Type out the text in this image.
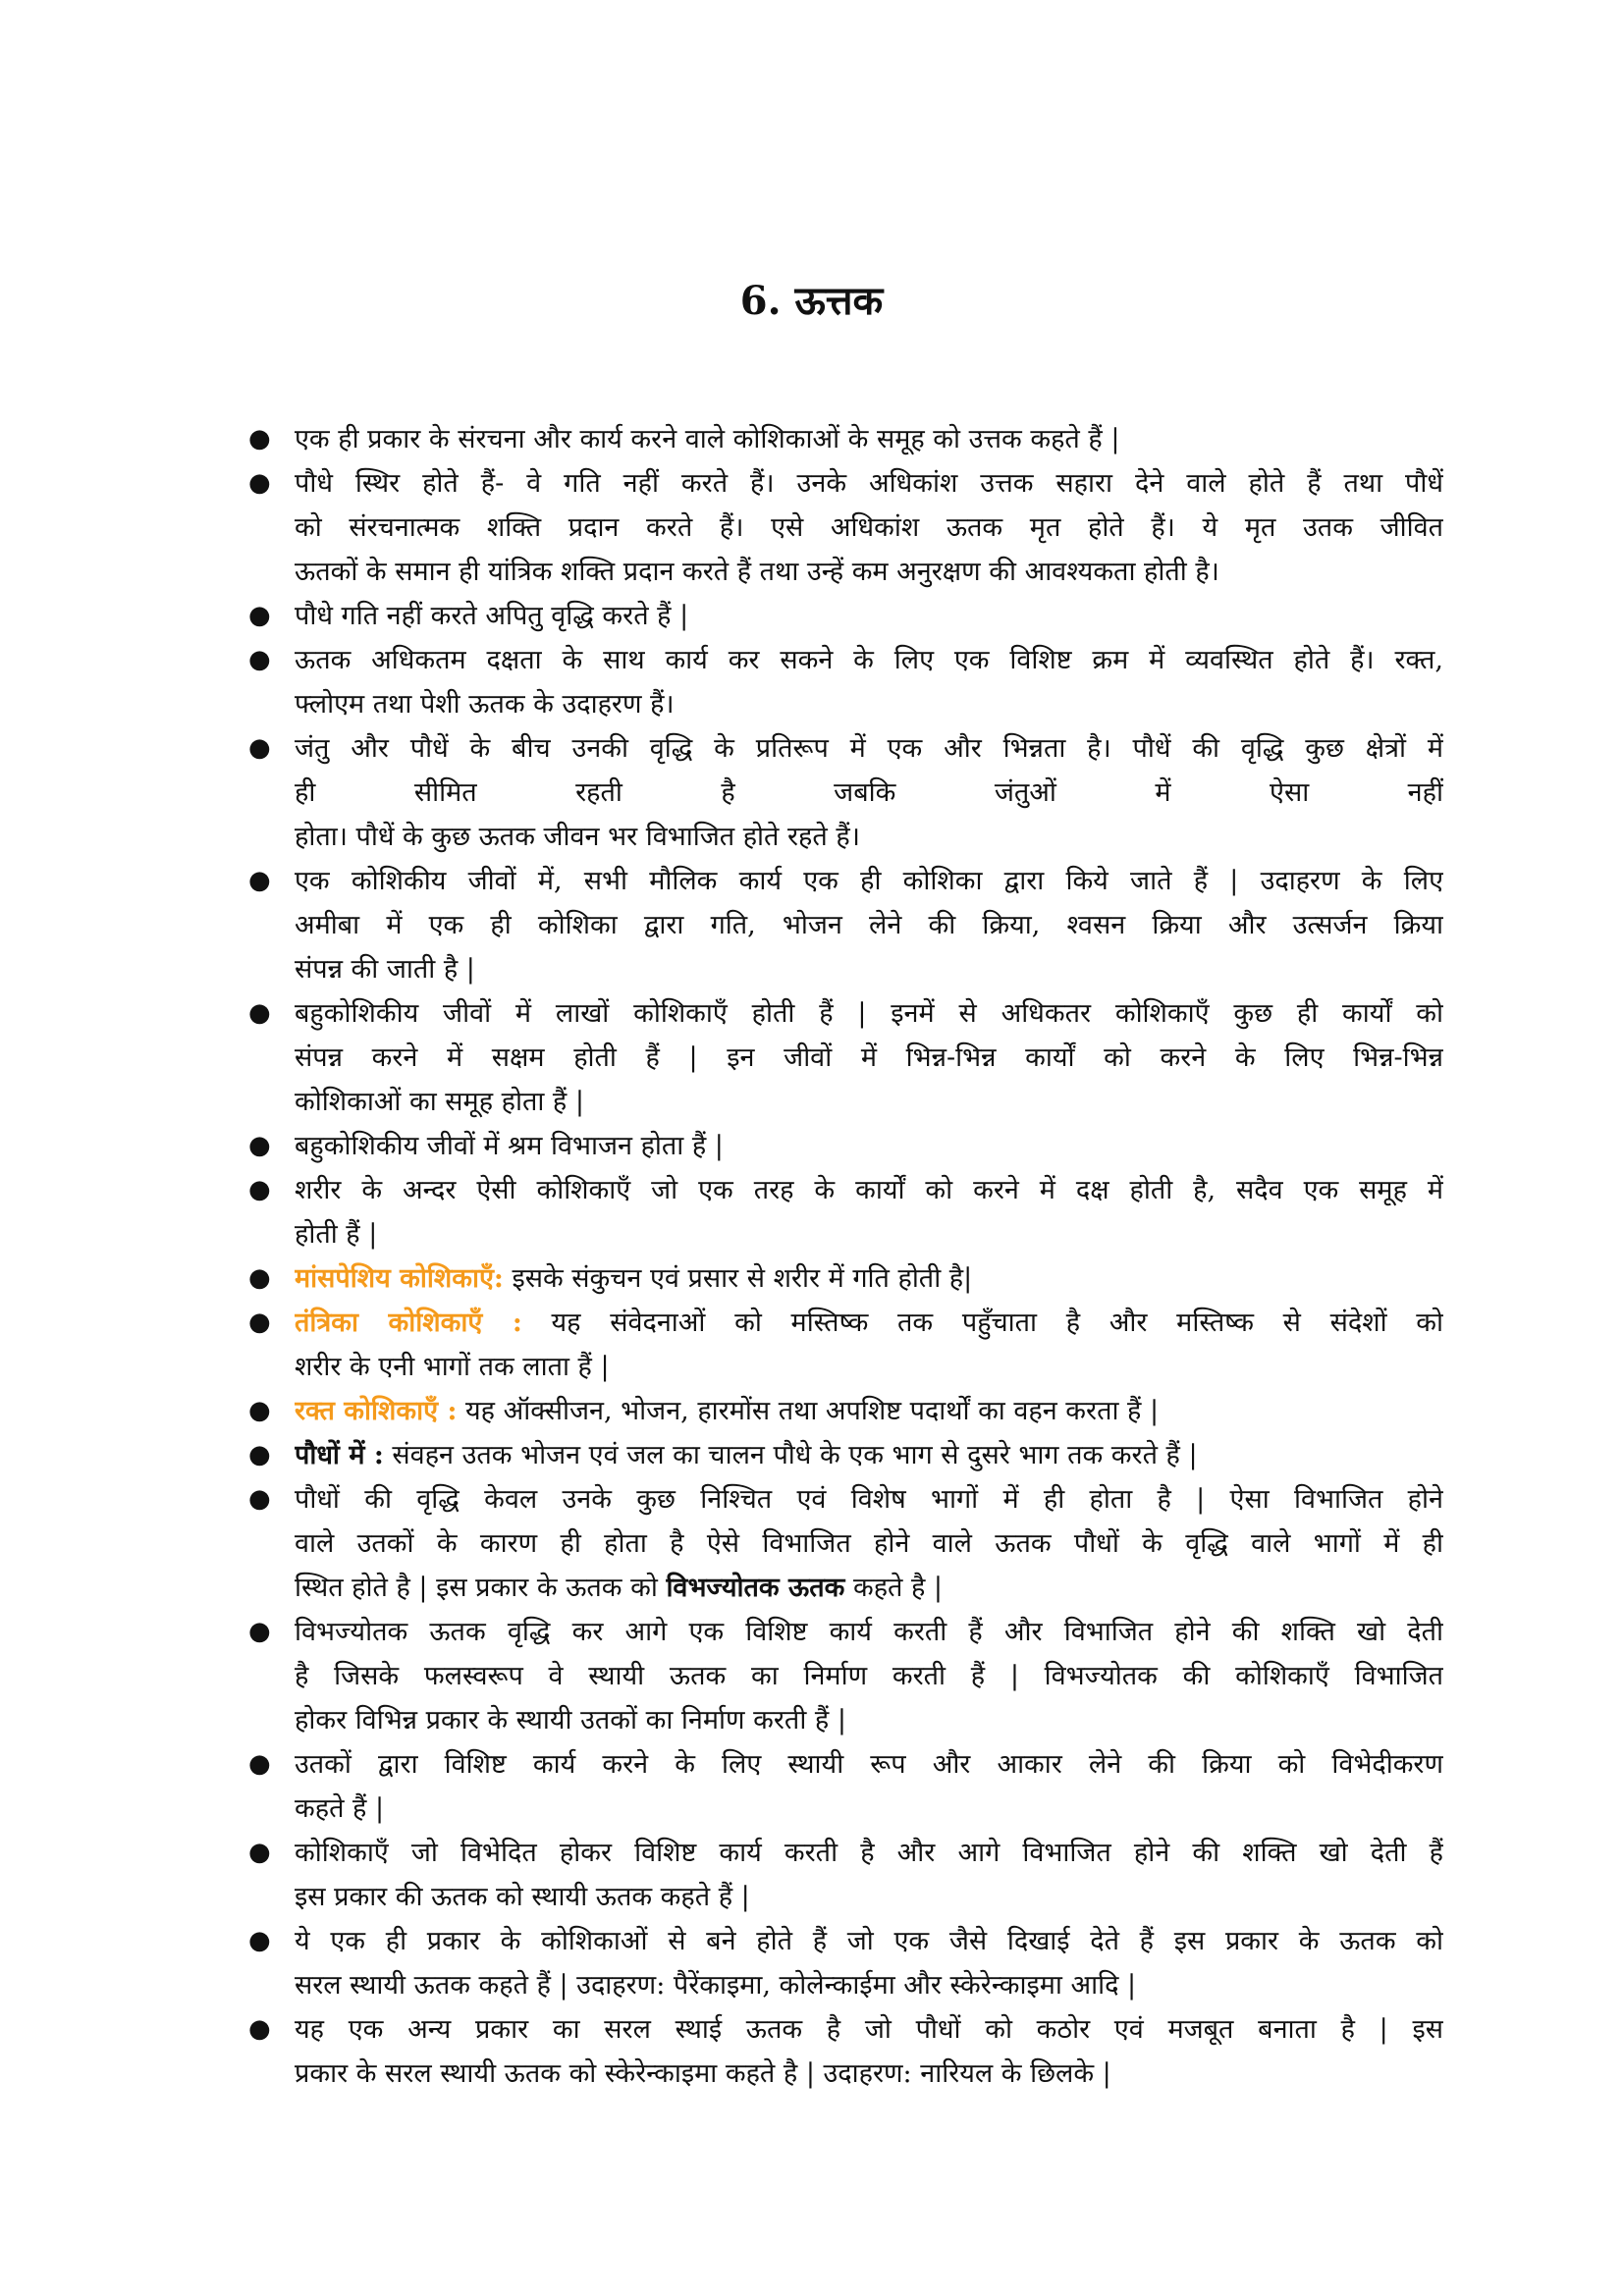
6. ऊत्तक
● एक ही प्रकार के संरचना और कार्य करने वाले कोशिकाओं के समूह को उत्तक कहते हैं |
● पौधे स्थिर होते हैं- वे गति नहीं करते हैं। उनके अधिकांश उत्तक सहारा देने वाले होते हैं तथा पौधें
को संरचनात्मक शक्ति प्रदान करते हैं। एसे अधिकांश ऊतक मृत होते हैं। ये मृत उतक जीवित
ऊतकों के समान ही यांत्रिक शक्ति प्रदान करते हैं तथा उन्हें कम अनुरक्षण की आवश्यकता होती है।
● पौधे गति नहीं करते अपितु वृद्धि करते हैं |
● ऊतक अधिकतम दक्षता के साथ कार्य कर सकने के लिए एक विशिष्ट क्रम में व्यवस्थित होते हैं। रक्त,
फ्लोएम तथा पेशी ऊतक के उदाहरण हैं।
● जंतु और पौधें के बीच उनकी वृद्धि के प्रतिरूप में एक और भिन्नता है। पौधें की वृद्धि कुछ क्षेत्रों में
ही सीमित रहती है जबकि जंतुओं में ऐसा नहीं
होता। पौधें के कुछ ऊतक जीवन भर विभाजित होते रहते हैं।
● एक कोशिकीय जीवों में, सभी मौलिक कार्य एक ही कोशिका द्वारा किये जाते हैं | उदाहरण के लिए
अमीबा में एक ही कोशिका द्वारा गति, भोजन लेने की क्रिया, श्वसन क्रिया और उत्सर्जन क्रिया
संपन्न की जाती है |
● बहुकोशिकीय जीवों में लाखों कोशिकाएँ होती हैं | इनमें से अधिकतर कोशिकाएँ कुछ ही कार्यों को
संपन्न करने में सक्षम होती हैं | इन जीवों में भिन्न-भिन्न कार्यों को करने के लिए भिन्न-भिन्न
कोशिकाओं का समूह होता हैं |
● बहुकोशिकीय जीवों में श्रम विभाजन होता हैं |
● शरीर के अन्दर ऐसी कोशिकाएँ जो एक तरह के कार्यों को करने में दक्ष होती है, सदैव एक समूह में
होती हैं |
● मांसपेशिय कोशिकाएँ: इसके संकुचन एवं प्रसार से शरीर में गति होती है|
● तंत्रिका कोशिकाएँ : यह संवेदनाओं को मस्तिष्क तक पहुँचाता है और मस्तिष्क से संदेशों को
शरीर के एनी भागों तक लाता हैं |
● रक्त कोशिकाएँ : यह ऑक्सीजन, भोजन, हारमोंस तथा अपशिष्ट पदार्थों का वहन करता हैं |
● पौधों में : संवहन उतक भोजन एवं जल का चालन पौधे के एक भाग से दुसरे भाग तक करते हैं |
● पौधों की वृद्धि केवल उनके कुछ निश्चित एवं विशेष भागों में ही होता है | ऐसा विभाजित होने
वाले उतकों के कारण ही होता है ऐसे विभाजित होने वाले ऊतक पौधों के वृद्धि वाले भागों में ही
स्थित होते है | इस प्रकार के ऊतक को विभज्योतक ऊतक कहते है |
● विभज्योतक ऊतक वृद्धि कर आगे एक विशिष्ट कार्य करती हैं और विभाजित होने की शक्ति खो देती
है जिसके फलस्वरूप वे स्थायी ऊतक का निर्माण करती हैं | विभज्योतक की कोशिकाएँ विभाजित
होकर विभिन्न प्रकार के स्थायी उतकों का निर्माण करती हैं |
● उतकों द्वारा विशिष्ट कार्य करने के लिए स्थायी रूप और आकार लेने की क्रिया को विभेदीकरण
कहते हैं |
● कोशिकाएँ जो विभेदित होकर विशिष्ट कार्य करती है और आगे विभाजित होने की शक्ति खो देती हैं
इस प्रकार की ऊतक को स्थायी ऊतक कहते हैं |
● ये एक ही प्रकार के कोशिकाओं से बने होते हैं जो एक जैसे दिखाई देते हैं इस प्रकार के ऊतक को
सरल स्थायी ऊतक कहते हैं | उदाहरण: पैरेंकाइमा, कोलेन्काईमा और स्केरेन्काइमा आदि |
● यह एक अन्य प्रकार का सरल स्थाई ऊतक है जो पौधों को कठोर एवं मजबूत बनाता है | इस
प्रकार के सरल स्थायी ऊतक को स्केरेन्काइमा कहते है | उदाहरण: नारियल के छिलके |
